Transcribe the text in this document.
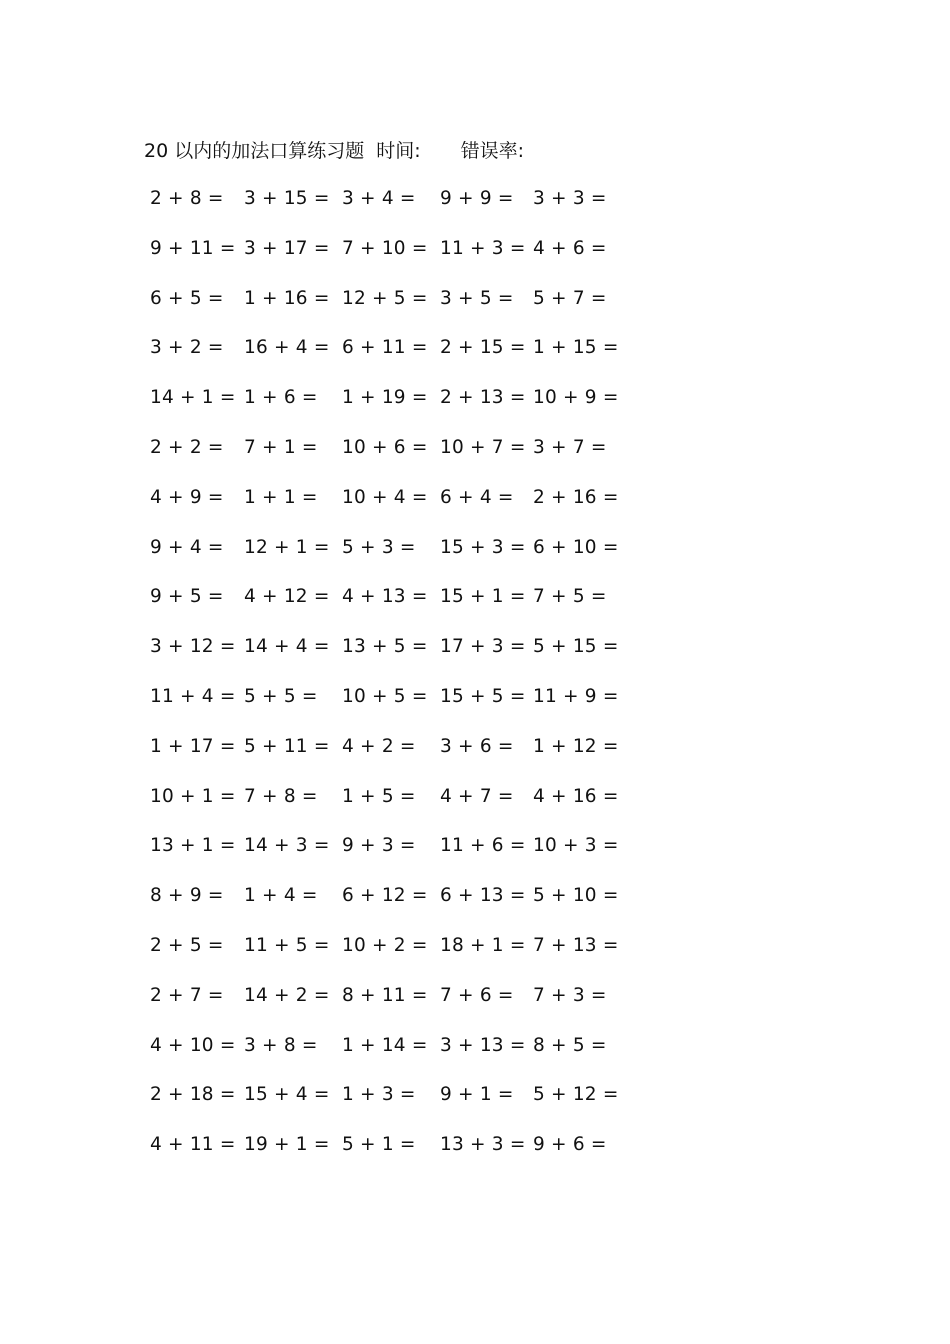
20 以内的加法口算练习题 时间: 错误率:
2 + 8 = 3 + 15 = 3 + 4 = 9 + 9 = 3 + 3 =
9 + 11 = 3 + 17 = 7 + 10 = 11 + 3 = 4 + 6 =
6 + 5 = 1 + 16 = 12 + 5 = 3 + 5 = 5 + 7 =
3 + 2 = 16 + 4 = 6 + 11 = 2 + 15 = 1 + 15 =
14 + 1 = 1 + 6 = 1 + 19 = 2 + 13 = 10 + 9 =
2 + 2 = 7 + 1 = 10 + 6 = 10 + 7 = 3 + 7 =
4 + 9 = 1 + 1 = 10 + 4 = 6 + 4 = 2 + 16 =
9 + 4 = 12 + 1 = 5 + 3 = 15 + 3 = 6 + 10 =
9 + 5 = 4 + 12 = 4 + 13 = 15 + 1 = 7 + 5 =
3 + 12 = 14 + 4 = 13 + 5 = 17 + 3 = 5 + 15 =
11 + 4 = 5 + 5 = 10 + 5 = 15 + 5 = 11 + 9 =
1 + 17 = 5 + 11 = 4 + 2 = 3 + 6 = 1 + 12 =
10 + 1 = 7 + 8 = 1 + 5 = 4 + 7 = 4 + 16 =
13 + 1 = 14 + 3 = 9 + 3 = 11 + 6 = 10 + 3 =
8 + 9 = 1 + 4 = 6 + 12 = 6 + 13 = 5 + 10 =
2 + 5 = 11 + 5 = 10 + 2 = 18 + 1 = 7 + 13 =
2 + 7 = 14 + 2 = 8 + 11 = 7 + 6 = 7 + 3 =
4 + 10 = 3 + 8 = 1 + 14 = 3 + 13 = 8 + 5 =
2 + 18 = 15 + 4 = 1 + 3 = 9 + 1 = 5 + 12 =
4 + 11 = 19 + 1 = 5 + 1 = 13 + 3 = 9 + 6 =
